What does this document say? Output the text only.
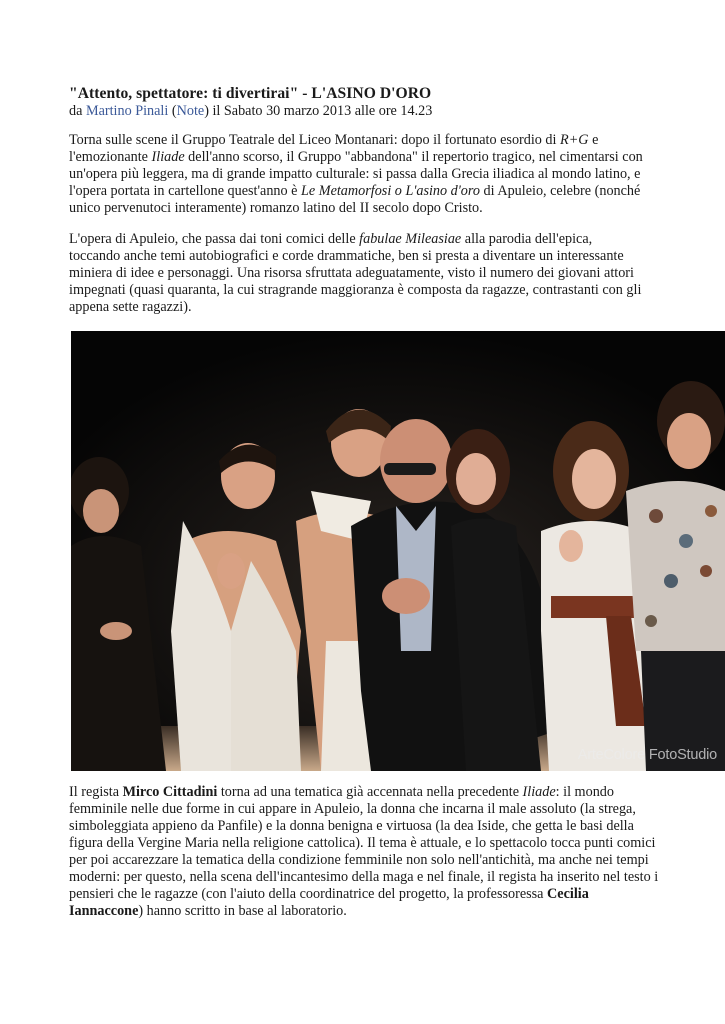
"Attento, spettatore: ti divertirai" - L'ASINO D'ORO
da Martino Pinali (Note) il Sabato 30 marzo 2013 alle ore 14.23

Torna sulle scene il Gruppo Teatrale del Liceo Montanari: dopo il fortunato esordio di R+G e l'emozionante Iliade dell'anno scorso, il Gruppo "abbandona" il repertorio tragico, nel cimentarsi con un'opera più leggera, ma di grande impatto culturale: si passa dalla Grecia iliadica al mondo latino, e l'opera portata in cartellone quest'anno è Le Metamorfosi o L'asino d'oro di Apuleio, celebre (nonché unico pervenutoci interamente) romanzo latino del II secolo dopo Cristo.

L'opera di Apuleio, che passa dai toni comici delle fabulae Mileasiae alla parodia dell'epica, toccando anche temi autobiografici e corde drammatiche, ben si presta a diventare un interessante miniera di idee e personaggi. Una risorsa sfruttata adeguatamente, visto il numero dei giovani attori impegnati (quasi quaranta, la cui stragrande maggioranza è composta da ragazze, contrastanti con gli appena sette ragazzi).

ArteColore FotoStudio

Il regista Mirco Cittadini torna ad una tematica già accennata nella precedente Iliade: il mondo femminile nelle due forme in cui appare in Apuleio, la donna che incarna il male assoluto (la strega, simboleggiata appieno da Panfile) e la donna benigna e virtuosa (la dea Iside, che getta le basi della figura della Vergine Maria nella religione cattolica). Il tema è attuale, e lo spettacolo tocca punti comici per poi accarezzare la tematica della condizione femminile non solo nell'antichità, ma anche nei tempi moderni: per questo, nella scena dell'incantesimo della maga e nel finale, il regista ha inserito nel testo i pensieri che le ragazze (con l'aiuto della coordinatrice del progetto, la professoressa Cecilia Iannaccone) hanno scritto in base al laboratorio.
